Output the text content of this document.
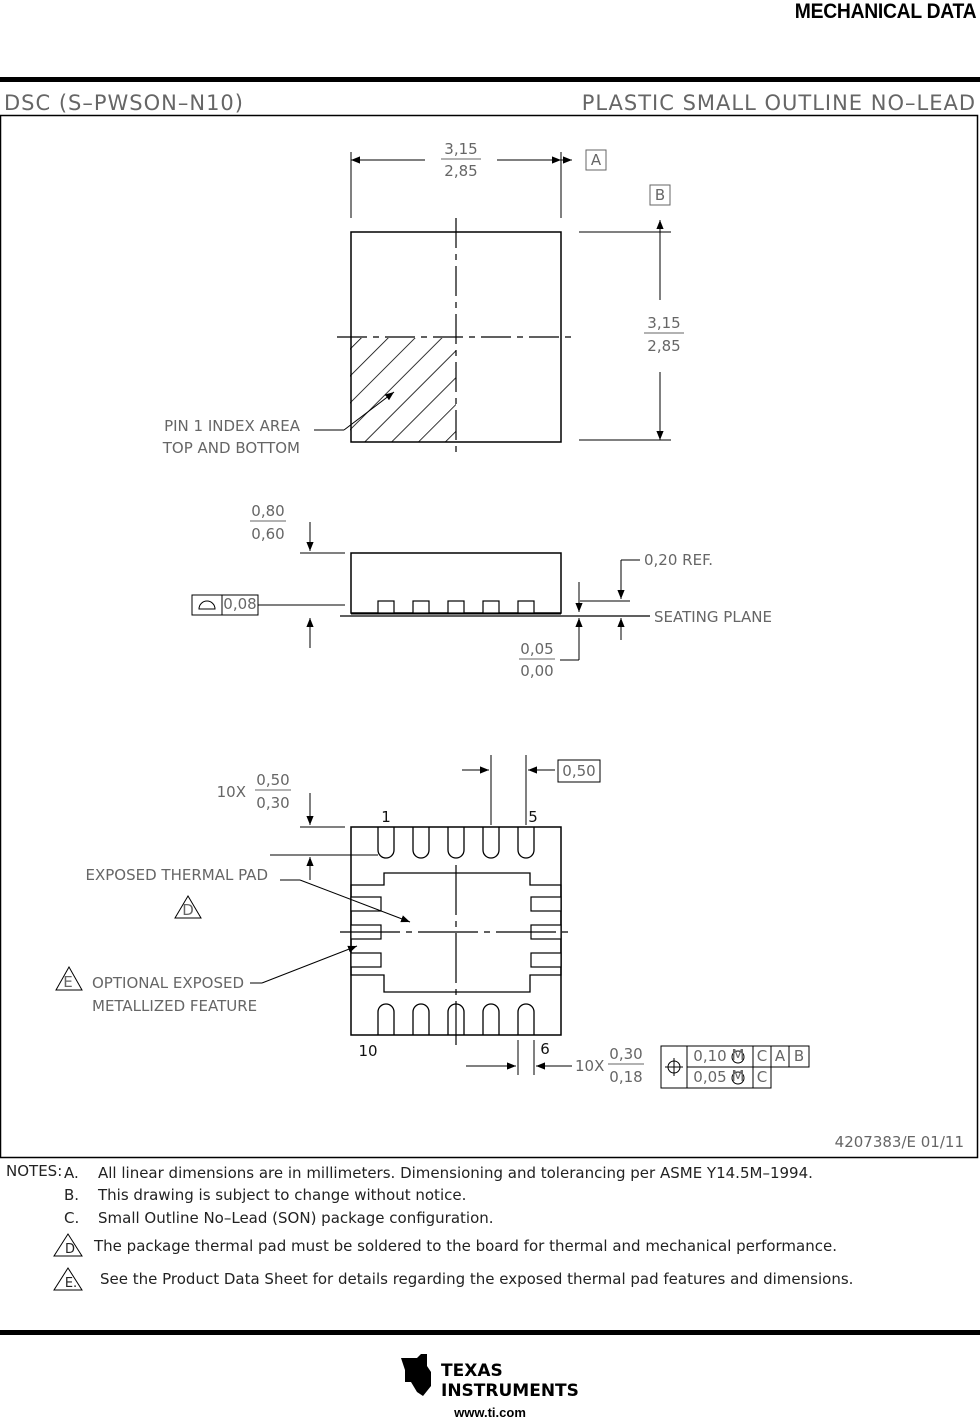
MECHANICAL DATA
DSC (S–PWSON–N10)	PLASTIC SMALL OUTLINE NO–LEAD
3,15
2,85
A
B
3,15
2,85
PIN 1 INDEX AREA
TOP AND BOTTOM
0,80
0,60
0,08
0,20 REF.
SEATING PLANE
0,05
0,00
0,50
10X
0,50
0,30
1	5
10	6
EXPOSED THERMAL PAD
D
E OPTIONAL EXPOSED
METALLIZED FEATURE
10X
0,30
0,18
0,10 M C A B
0,05 M C
4207383/E 01/11
NOTES: A. All linear dimensions are in millimeters. Dimensioning and tolerancing per ASME Y14.5M–1994.
B. This drawing is subject to change without notice.
C. Small Outline No–Lead (SON) package configuration.
D The package thermal pad must be soldered to the board for thermal and mechanical performance.
E. See the Product Data Sheet for details regarding the exposed thermal pad features and dimensions.
TEXAS
INSTRUMENTS
www.ti.com
